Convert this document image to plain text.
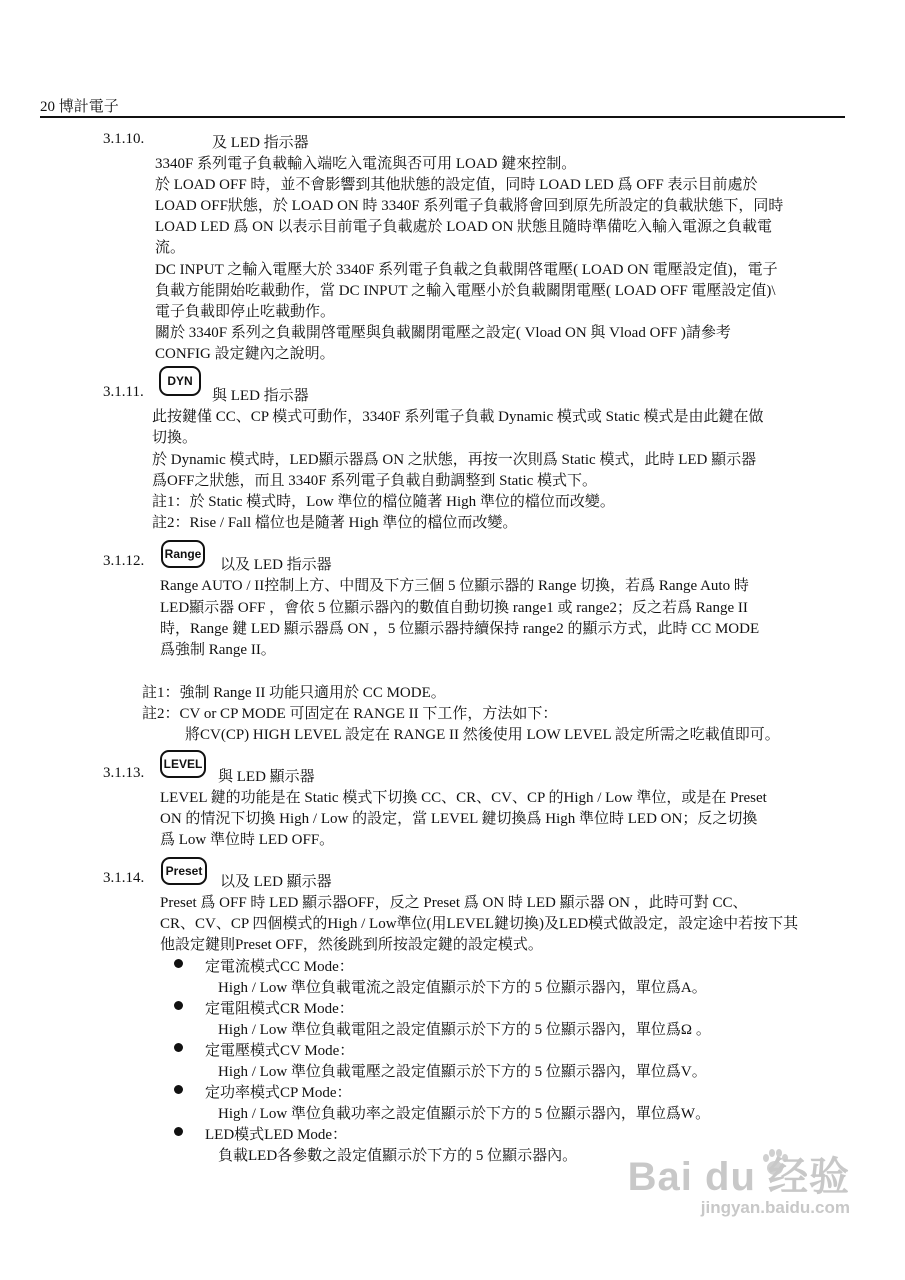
20 博計電子
3.1.10.	及 LED 指示器
3340F 系列電子負載輸入端吃入電流與否可用 LOAD 鍵來控制。
於 LOAD OFF 時，並不會影響到其他狀態的設定值，同時 LOAD LED 爲 OFF 表示目前處於
LOAD OFF狀態，於 LOAD ON 時 3340F 系列電子負載將會回到原先所設定的負載狀態下，同時
LOAD LED 爲 ON 以表示目前電子負載處於 LOAD ON 狀態且隨時準備吃入輸入電源之負載電
流。
DC INPUT 之輸入電壓大於 3340F 系列電子負載之負載開啓電壓( LOAD ON 電壓設定值)，電子
負載方能開始吃載動作，當 DC INPUT 之輸入電壓小於負載關閉電壓( LOAD OFF 電壓設定值)\
電子負載即停止吃載動作。
關於 3340F 系列之負載開啓電壓與負載關閉電壓之設定( Vload ON 與 Vload OFF )請參考
CONFIG 設定鍵內之說明。
3.1.11.
DYN
與 LED 指示器
此按鍵僅 CC、CP 模式可動作，3340F 系列電子負載 Dynamic 模式或 Static 模式是由此鍵在做
切換。
於 Dynamic 模式時，LED顯示器爲 ON 之狀態，再按一次則爲 Static 模式，此時 LED 顯示器
爲OFF之狀態，而且 3340F 系列電子負載自動調整到 Static 模式下。
註1：於 Static 模式時，Low 準位的檔位隨著 High 準位的檔位而改變。
註2：Rise / Fall 檔位也是隨著 High 準位的檔位而改變。
3.1.12.	Range
以及 LED 指示器
Range AUTO / II控制上方、中間及下方三個 5 位顯示器的 Range 切換，若爲 Range Auto 時
LED顯示器 OFF ，會依 5 位顯示器內的數值自動切換 range1 或 range2；反之若爲 Range II
時，Range 鍵 LED 顯示器爲 ON ，5 位顯示器持續保持 range2 的顯示方式，此時 CC MODE
爲強制 Range II。
註1：強制 Range II 功能只適用於 CC MODE。
註2：CV or CP MODE 可固定在 RANGE II 下工作，方法如下：
將CV(CP) HIGH LEVEL 設定在 RANGE II 然後使用 LOW LEVEL 設定所需之吃載值即可。
3.1.13.
LEVEL
與 LED 顯示器
LEVEL 鍵的功能是在 Static 模式下切換 CC、CR、CV、CP 的High / Low 準位，或是在 Preset
ON 的情況下切換 High / Low 的設定，當 LEVEL 鍵切換爲 High 準位時 LED ON；反之切換
爲 Low 準位時 LED OFF。
3.1.14.	Preset
以及 LED 顯示器
Preset 爲 OFF 時 LED 顯示器OFF，反之 Preset 爲 ON 時 LED 顯示器 ON ，此時可對 CC、
CR、CV、CP 四個模式的High / Low準位(用LEVEL鍵切換)及LED模式做設定，設定途中若按下其
他設定鍵則Preset OFF，然後跳到所按設定鍵的設定模式。
定電流模式CC Mode：
High / Low 準位負載電流之設定值顯示於下方的 5 位顯示器內，單位爲A。
定電阻模式CR Mode：
High / Low 準位負載電阻之設定值顯示於下方的 5 位顯示器內，單位爲Ω 。
定電壓模式CV Mode：
High / Low 準位負載電壓之設定值顯示於下方的 5 位顯示器內，單位爲V。
定功率模式CP Mode：
High / Low 準位負載功率之設定值顯示於下方的 5 位顯示器內，單位爲W。
LED模式LED Mode：
負載LED各參數之設定值顯示於下方的 5 位顯示器內。 Bai du 经验
jingyan.baidu.com
